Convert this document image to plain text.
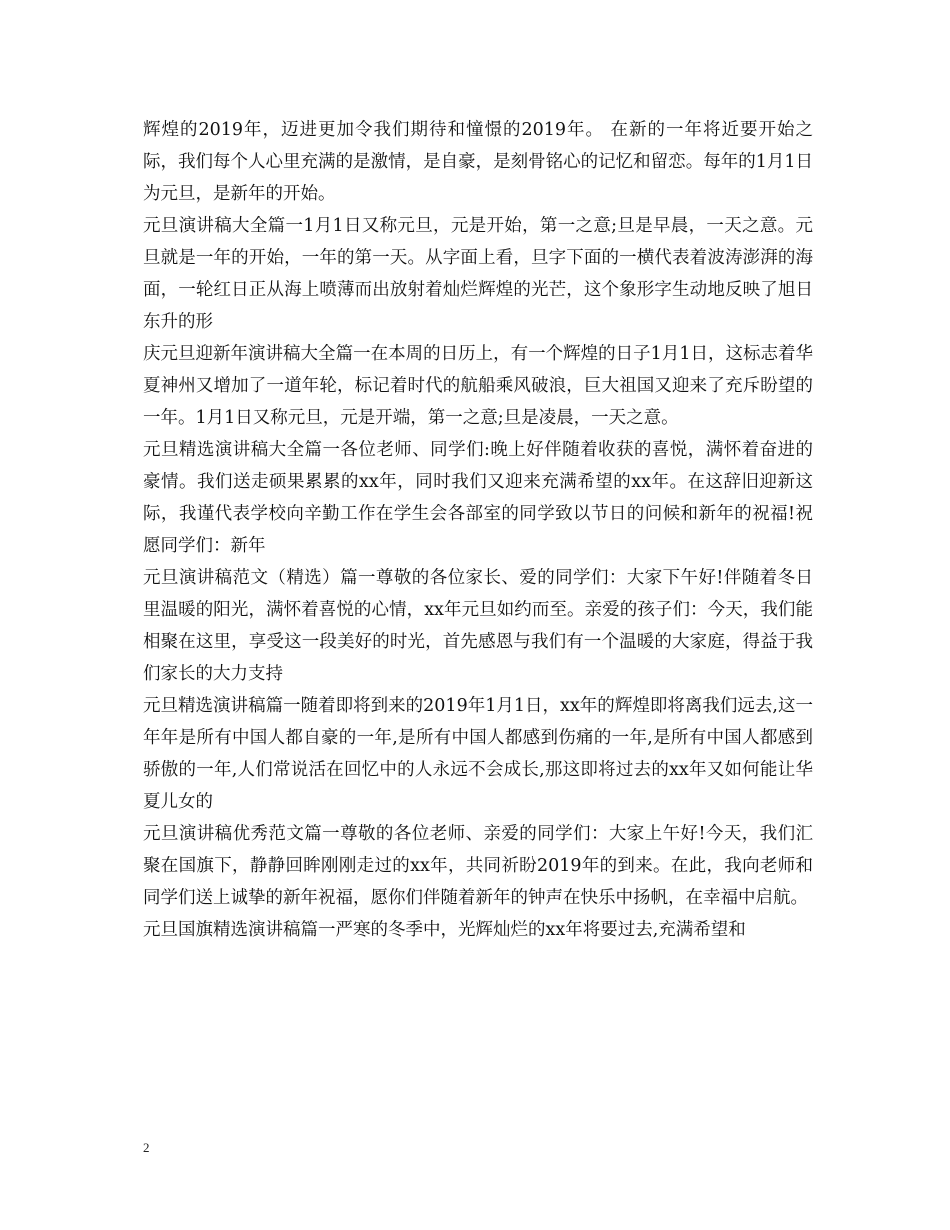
辉煌的2019年，迈进更加令我们期待和憧憬的2019年。 在新的一年将近要开始之际，我们每个人心里充满的是激情，是自豪，是刻骨铭心的记忆和留恋。每年的1月1日为元旦，是新年的开始。

元旦演讲稿大全篇一1月1日又称元旦，元是开始，第一之意;旦是早晨，一天之意。元旦就是一年的开始，一年的第一天。从字面上看，旦字下面的一横代表着波涛澎湃的海面，一轮红日正从海上喷薄而出放射着灿烂辉煌的光芒，这个象形字生动地反映了旭日东升的形

庆元旦迎新年演讲稿大全篇一在本周的日历上，有一个辉煌的日子1月1日，这标志着华夏神州又增加了一道年轮，标记着时代的航船乘风破浪，巨大祖国又迎来了充斥盼望的一年。1月1日又称元旦，元是开端，第一之意;旦是凌晨，一天之意。

元旦精选演讲稿大全篇一各位老师、同学们:晚上好伴随着收获的喜悦，满怀着奋进的豪情。我们送走硕果累累的xx年，同时我们又迎来充满希望的xx年。在这辞旧迎新这际，我谨代表学校向辛勤工作在学生会各部室的同学致以节日的问候和新年的祝福!祝愿同学们：新年

元旦演讲稿范文（精选）篇一尊敬的各位家长、爱的同学们：大家下午好!伴随着冬日里温暖的阳光，满怀着喜悦的心情，xx年元旦如约而至。亲爱的孩子们：今天，我们能相聚在这里，享受这一段美好的时光，首先感恩与我们有一个温暖的大家庭，得益于我们家长的大力支持

元旦精选演讲稿篇一随着即将到来的2019年1月1日，xx年的辉煌即将离我们远去,这一年年是所有中国人都自豪的一年,是所有中国人都感到伤痛的一年,是所有中国人都感到骄傲的一年,人们常说活在回忆中的人永远不会成长,那这即将过去的xx年又如何能让华夏儿女的

元旦演讲稿优秀范文篇一尊敬的各位老师、亲爱的同学们：大家上午好!今天，我们汇聚在国旗下，静静回眸刚刚走过的xx年，共同祈盼2019年的到来。在此，我向老师和同学们送上诚挚的新年祝福，愿你们伴随着新年的钟声在快乐中扬帆，在幸福中启航。

元旦国旗精选演讲稿篇一严寒的冬季中，光辉灿烂的xx年将要过去,充满希望和

2
